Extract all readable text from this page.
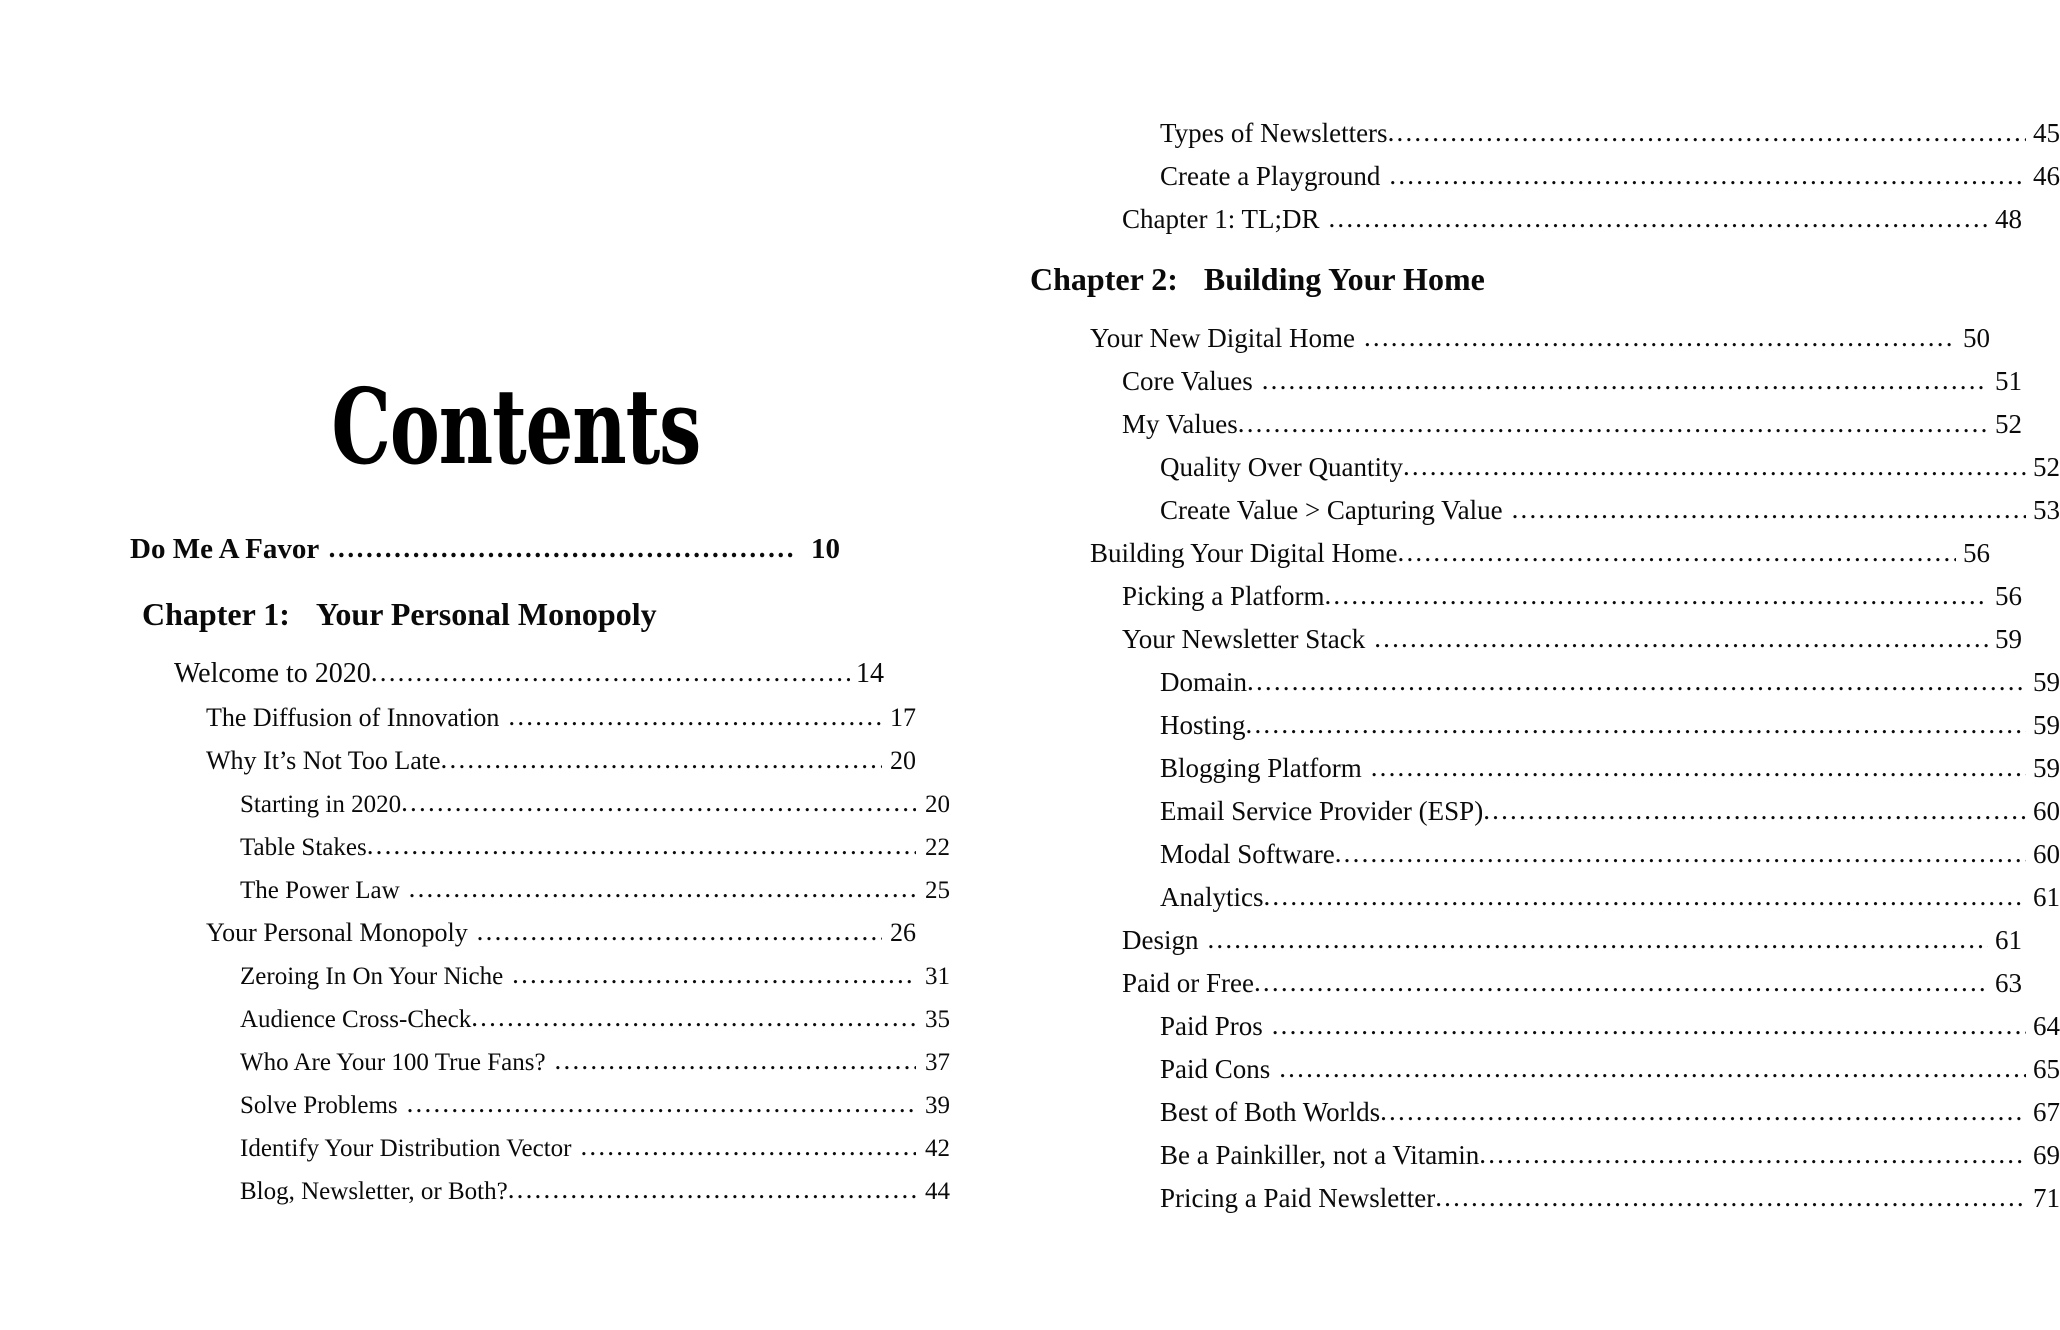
Contents
Do Me A Favor .....	10
Chapter 1: Your Personal Monopoly
Welcome to 2020 .....	14
The Diffusion of Innovation .....	17
Why It’s Not Too Late .....	20
Starting in 2020 .....	20
Table Stakes .....	22
The Power Law .....	25
Your Personal Monopoly .....	26
Zeroing In On Your Niche .....	31
Audience Cross-Check .....	35
Who Are Your 100 True Fans? .....	37
Solve Problems .....	39
Identify Your Distribution Vector .....	42
Blog, Newsletter, or Both? .....	44
Types of Newsletters .....	45
Create a Playground .....	46
Chapter 1: TL;DR .....	48
Chapter 2: Building Your Home
Your New Digital Home .....	50
Core Values .....	51
My Values .....	52
Quality Over Quantity .....	52
Create Value > Capturing Value .....	53
Building Your Digital Home .....	56
Picking a Platform .....	56
Your Newsletter Stack .....	59
Domain .....	59
Hosting .....	59
Blogging Platform .....	59
Email Service Provider (ESP) .....	60
Modal Software .....	60
Analytics .....	61
Design .....	61
Paid or Free .....	63
Paid Pros .....	64
Paid Cons .....	65
Best of Both Worlds .....	67
Be a Painkiller, not a Vitamin .....	69
Pricing a Paid Newsletter .....	71
